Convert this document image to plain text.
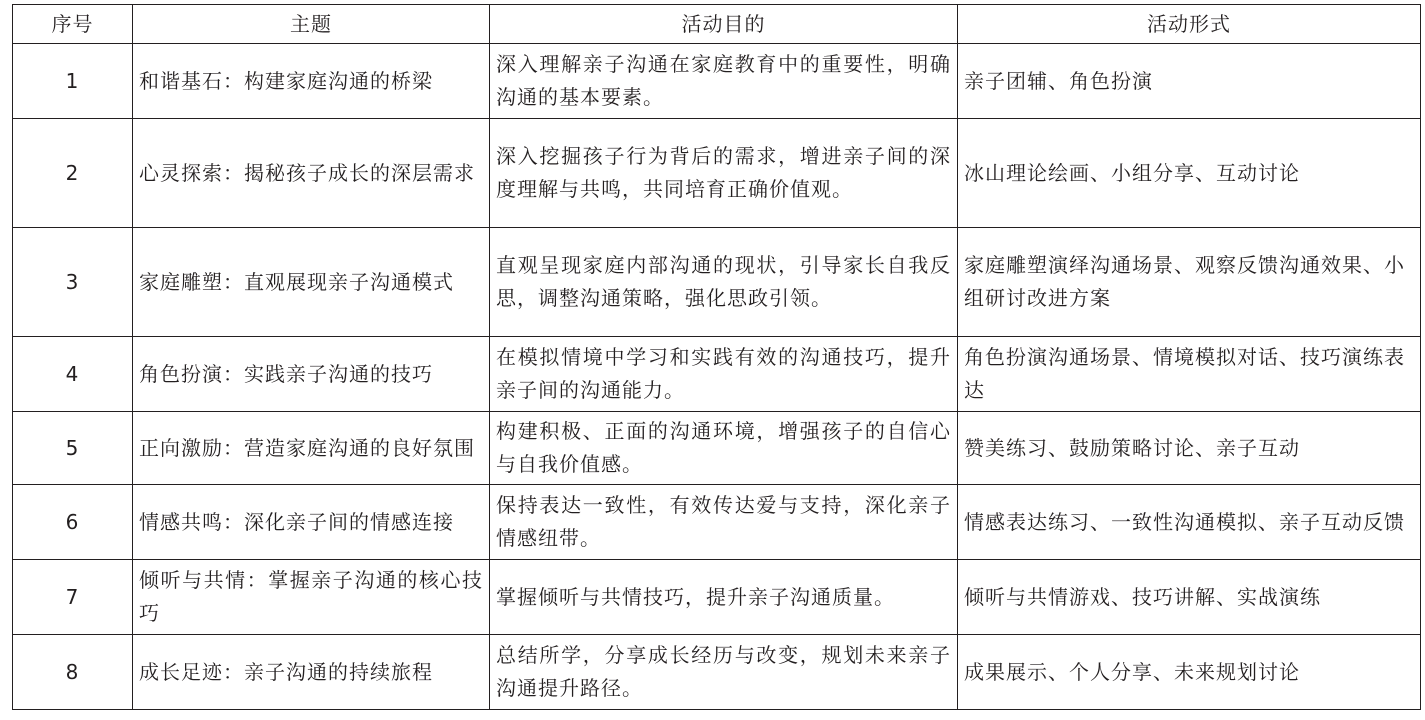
序号	主题	活动目的	活动形式
1	和谐基石：构建家庭沟通的桥梁	深入理解亲子沟通在家庭教育中的重要性，明确沟通的基本要素。	亲子团辅、角色扮演
2	心灵探索：揭秘孩子成长的深层需求	深入挖掘孩子行为背后的需求，增进亲子间的深度理解与共鸣，共同培育正确价值观。	冰山理论绘画、小组分享、互动讨论
3	家庭雕塑：直观展现亲子沟通模式	直观呈现家庭内部沟通的现状，引导家长自我反思，调整沟通策略，强化思政引领。	家庭雕塑演绎沟通场景、观察反馈沟通效果、小组研讨改进方案
4	角色扮演：实践亲子沟通的技巧	在模拟情境中学习和实践有效的沟通技巧，提升亲子间的沟通能力。	角色扮演沟通场景、情境模拟对话、技巧演练表达
5	正向激励：营造家庭沟通的良好氛围	构建积极、正面的沟通环境，增强孩子的自信心与自我价值感。	赞美练习、鼓励策略讨论、亲子互动
6	情感共鸣：深化亲子间的情感连接	保持表达一致性，有效传达爱与支持，深化亲子情感纽带。	情感表达练习、一致性沟通模拟、亲子互动反馈
7	倾听与共情：掌握亲子沟通的核心技巧	掌握倾听与共情技巧，提升亲子沟通质量。	倾听与共情游戏、技巧讲解、实战演练
8	成长足迹：亲子沟通的持续旅程	总结所学，分享成长经历与改变，规划未来亲子沟通提升路径。	成果展示、个人分享、未来规划讨论
